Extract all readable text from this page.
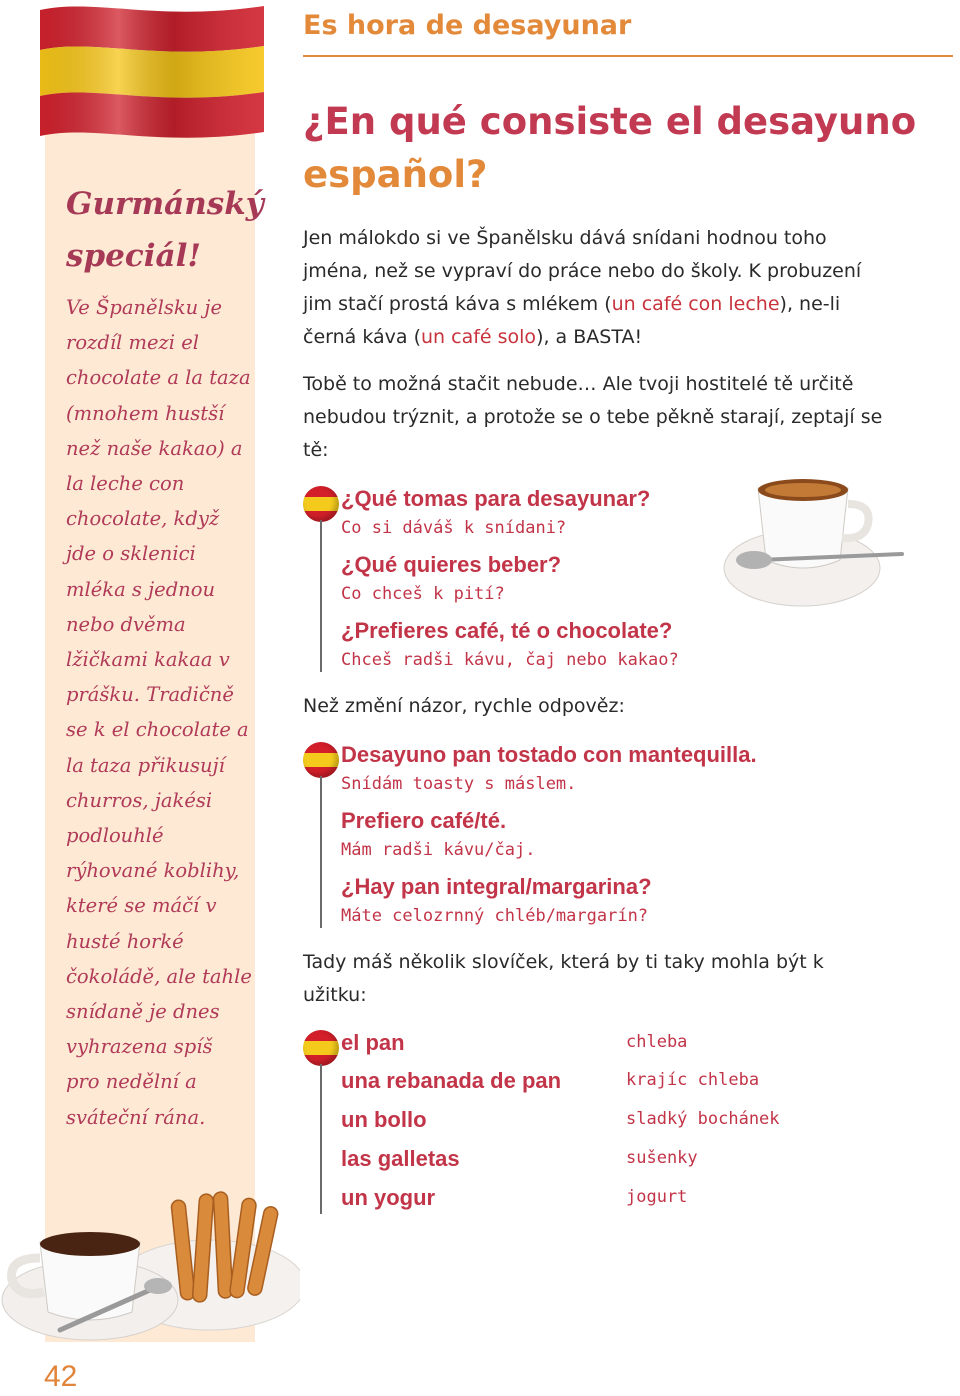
Gurmánský speciál!

Ve Španělsku je rozdíl mezi el chocolate a la taza (mnohem hustší než naše kakao) a la leche con chocolate, když jde o sklenici mléka s jednou nebo dvěma lžičkami kakaa v prášku. Tradičně se k el chocolate a la taza přikusují churros, jakési podlouhlé rýhované koblihy, které se máčí v husté horké čokoládě, ale tahle snídaně je dnes vyhrazena spíš pro nedělní a sváteční rána.

42
Es hora de desayunar
¿En qué consiste el desayuno
español?

Jen málokdo si ve Španělsku dává snídani hodnou toho jména, než se vypraví do práce nebo do školy. K probuzení jim stačí prostá káva s mlékem (un café con leche), ne-li černá káva (un café solo), a BASTA!

Tobě to možná stačit nebude… Ale tvoji hostitelé tě určitě nebudou trýznit, a protože se o tebe pěkně starají, zeptají se tě:

¿Qué tomas para desayunar?
Co si dáváš k snídani?
¿Qué quieres beber?
Co chceš k pití?
¿Prefieres café, té o chocolate?
Chceš radši kávu, čaj nebo kakao?

Než změní názor, rychle odpověz:

Desayuno pan tostado con mantequilla.
Snídám toasty s máslem.
Prefiero café/té.
Mám radši kávu/čaj.
¿Hay pan integral/margarina?
Máte celozrnný chléb/margarín?

Tady máš několik slovíček, která by ti taky mohla být k užitku:

el pan	chleba
una rebanada de pan	krajíc chleba
un bollo	sladký bochánek
las galletas	sušenky
un yogur	jogurt
